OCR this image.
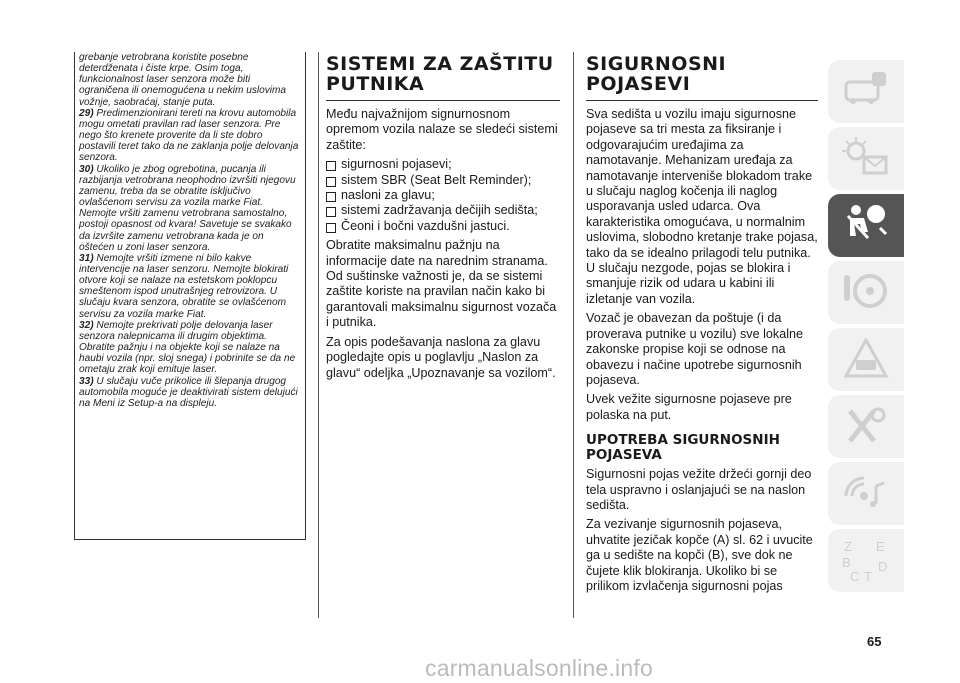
grebanje vetrobrana koristite posebne deterdženata i čiste krpe. Osim toga, funkcionalnost laser senzora može biti ograničena ili onemogućena u nekim uslovima vožnje, saobraćaj, stanje puta.

29) Predimenzionirani tereti na krovu automobila mogu ometati pravilan rad laser senzora. Pre nego što krenete proverite da li ste dobro postavili teret tako da ne zaklanja polje delovanja senzora.

30) Ukoliko je zbog ogrebotina, pucanja ili razbijanja vetrobrana neophodno izvršiti njegovu zamenu, treba da se obratite isključivo ovlašćenom servisu za vozila marke Fiat. Nemojte vršiti zamenu vetrobrana samostalno, postoji opasnost od kvara! Savetuje se svakako da izvršite zamenu vetrobrana kada je on oštećen u zoni laser senzora.

31) Nemojte vršiti izmene ni bilo kakve intervencije na laser senzoru. Nemojte blokirati otvore koji se nalaze na estetskom poklopcu smeštenom ispod unutrašnjeg retrovizora. U slučaju kvara senzora, obratite se ovlašćenom servisu za vozila marke Fiat.

32) Nemojte prekrivati polje delovanja laser senzora nalepnicama ili drugim objektima. Obratite pažnju i na objekte koji se nalaze na haubi vozila (npr. sloj snega) i pobrinite se da ne ometaju zrak koji emituje laser.

33) U slučaju vuče prikolice ili šlepanja drugog automobila moguće je deaktivirati sistem delujući na Meni iz Setup-a na displeju.

SISTEMI ZA ZAŠTITU PUTNIKA

Među najvažnijom signurnosnom opremom vozila nalaze se sledeći sistemi zaštite:

sigurnosni pojasevi;
sistem SBR (Seat Belt Reminder);
nasloni za glavu;
sistemi zadržavanja dečijih sedišta;
Čeoni i bočni vazdušni jastuci.

Obratite maksimalnu pažnju na informacije date na narednim stranama. Od suštinske važnosti je, da se sistemi zaštite koriste na pravilan način kako bi garantovali maksimalnu sigurnost vozača i putnika.

Za opis podešavanja naslona za glavu pogledajte opis u poglavlju „Naslon za glavu“ odeljka „Upoznavanje sa vozilom“.

SIGURNOSNI POJASEVI

Sva sedišta u vozilu imaju sigurnosne pojaseve sa tri mesta za fiksiranje i odgovarajućim uređajima za namotavanje. Mehanizam uređaja za namotavanje interveniše blokadom trake u slučaju naglog kočenja ili naglog usporavanja usled udarca. Ova karakteristika omogućava, u normalnim uslovima, slobodno kretanje trake pojasa, tako da se idealno prilagodi telu putnika. U slučaju nezgode, pojas se blokira i smanjuje rizik od udara u kabini ili izletanje van vozila.

Vozač je obavezan da poštuje (i da proverava putnike u vozilu) sve lokalne zakonske propise koji se odnose na obavezu i načine upotrebe sigurnosnih pojaseva.

Uvek vežite sigurnosne pojaseve pre polaska na put.

UPOTREBA SIGURNOSNIH POJASEVA

Sigurnosni pojas vežite držeći gornji deo tela uspravno i oslanjajući se na naslon sedišta.

Za vezivanje sigurnosnih pojaseva, uhvatite jezičak kopče (A) sl. 62 i uvucite ga u sedište na kopči (B), sve dok ne čujete klik blokiranja. Ukoliko bi se prilikom izvlačenja sigurnosni pojas

Z E
B
C T
D
65
carmanualsonline.info
